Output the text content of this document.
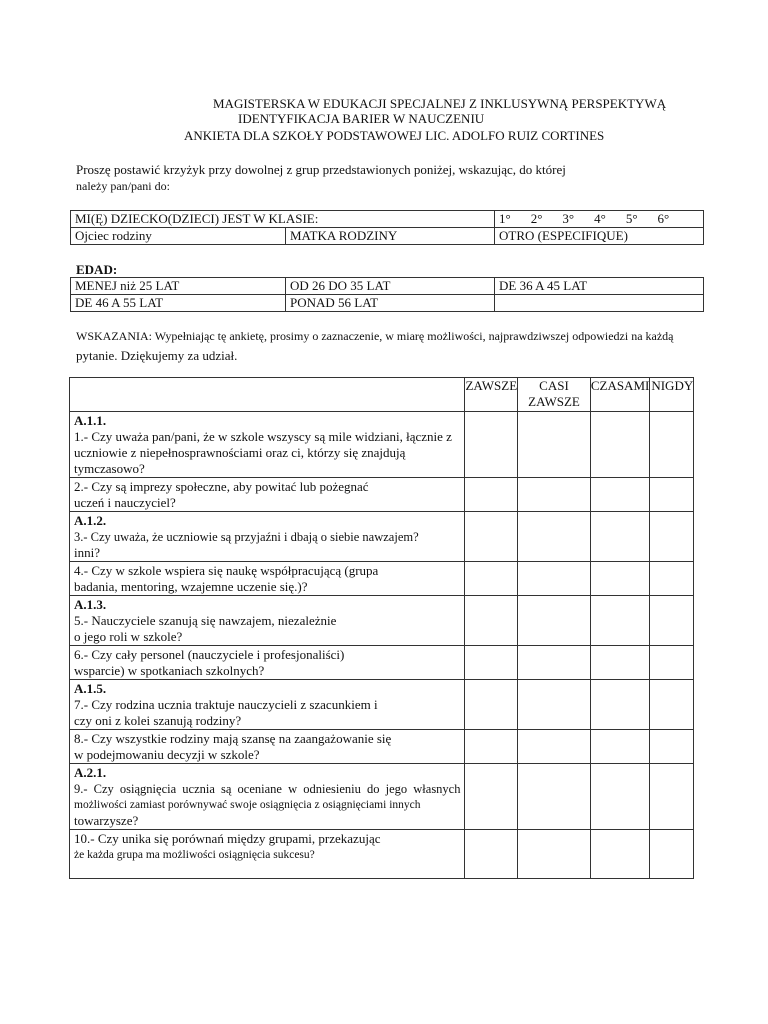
MAGISTERSKA W EDUKACJI SPECJALNEJ Z INKLUSYWNĄ PERSPEKTYWĄ
IDENTYFIKACJA BARIER W NAUCZENIU
ANKIETA DLA SZKOŁY PODSTAWOWEJ LIC. ADOLFO RUIZ CORTINES
Proszę postawić krzyżyk przy dowolnej z grup przedstawionych poniżej, wskazując, do której
należy pan/pani do:
MI(Ę) DZIECKO(DZIECI) JEST W KLASIE:		1° 2° 3° 4° 5° 6°
Ojciec rodziny	MATKA RODZINY	OTRO (ESPECIFIQUE)
EDAD:
MENEJ niż 25 LAT	OD 26 DO 35 LAT	DE 36 A 45 LAT
DE 46 A 55 LAT	PONAD 56 LAT	
WSKAZANIA: Wypełniając tę ankietę, prosimy o zaznaczenie, w miarę możliwości, najprawdziwszej odpowiedzi na każdą
pytanie. Dziękujemy za udział.
	ZAWSZE	CASI ZAWSZE	CZASAMI	NIGDY

A.1.1.
1.- Czy uważa pan/pani, że w szkole wszyscy są mile widziani, łącznie z
uczniowie z niepełnosprawnościami oraz ci, którzy się znajdują
tymczasowo?				

2.- Czy są imprezy społeczne, aby powitać lub pożegnać
uczeń i nauczyciel?				

A.1.2.
3.- Czy uważa, że uczniowie są przyjaźni i dbają o siebie nawzajem?
inni?				

4.- Czy w szkole wspiera się naukę współpracującą (grupa
badania, mentoring, wzajemne uczenie się.)?				

A.1.3.
5.- Nauczyciele szanują się nawzajem, niezależnie
o jego roli w szkole?				

6.- Czy cały personel (nauczyciele i profesjonaliści)
wsparcie) w spotkaniach szkolnych?				

A.1.5.
7.- Czy rodzina ucznia traktuje nauczycieli z szacunkiem i
czy oni z kolei szanują rodziny?				

8.- Czy wszystkie rodziny mają szansę na zaangażowanie się
w podejmowaniu decyzji w szkole?				

A.2.1.
9.- Czy osiągnięcia ucznia są oceniane w odniesieniu do jego własnych
możliwości zamiast porównywać swoje osiągnięcia z osiągnięciami innych
towarzysze?				

10.- Czy unika się porównań między grupami, przekazując
że każda grupa ma możliwości osiągnięcia sukcesu?				
